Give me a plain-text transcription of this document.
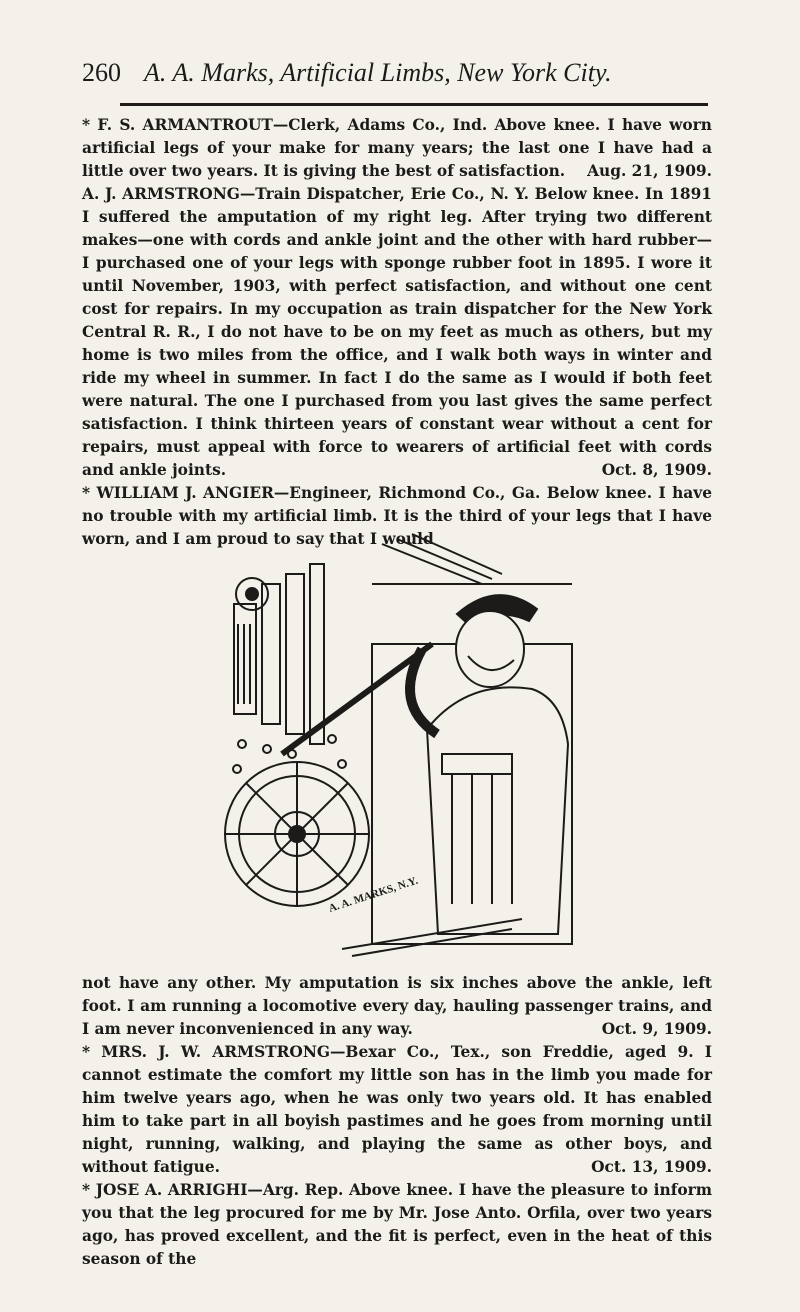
260 A. A. Marks, Artificial Limbs, New York City.

* F. S. ARMANTROUT—Clerk, Adams Co., Ind. Above knee. I have worn artificial legs of your make for many years; the last one I have had a little over two years. It is giving the best of satisfaction. Aug. 21, 1909.

A. J. ARMSTRONG—Train Dispatcher, Erie Co., N. Y. Below knee. In 1891 I suffered the amputation of my right leg. After trying two different makes—one with cords and ankle joint and the other with hard rubber—I purchased one of your legs with sponge rubber foot in 1895. I wore it until November, 1903, with perfect satisfaction, and without one cent cost for repairs. In my occupation as train dispatcher for the New York Central R. R., I do not have to be on my feet as much as others, but my home is two miles from the office, and I walk both ways in winter and ride my wheel in summer. In fact I do the same as I would if both feet were natural. The one I purchased from you last gives the same perfect satisfaction. I think thirteen years of constant wear without a cent for repairs, must appeal with force to wearers of artificial feet with cords and ankle joints.	Oct. 8, 1909.

* WILLIAM J. ANGIER—Engineer, Richmond Co., Ga. Below knee. I have no trouble with my artificial limb. It is the third of your legs that I have worn, and I am proud to say that I would

A. A. MARKS, N.Y.

not have any other. My amputation is six inches above the ankle, left foot. I am running a locomotive every day, hauling passenger trains, and I am never inconvenienced in any way.	Oct. 9, 1909.

* MRS. J. W. ARMSTRONG—Bexar Co., Tex., son Freddie, aged 9. I cannot estimate the comfort my little son has in the limb you made for him twelve years ago, when he was only two years old. It has enabled him to take part in all boyish pastimes and he goes from morning until night, running, walking, and playing the same as other boys, and without fatigue.	Oct. 13, 1909.

* JOSE A. ARRIGHI—Arg. Rep. Above knee. I have the pleasure to inform you that the leg procured for me by Mr. Jose Anto. Orfila, over two years ago, has proved excellent, and the fit is perfect, even in the heat of this season of the
